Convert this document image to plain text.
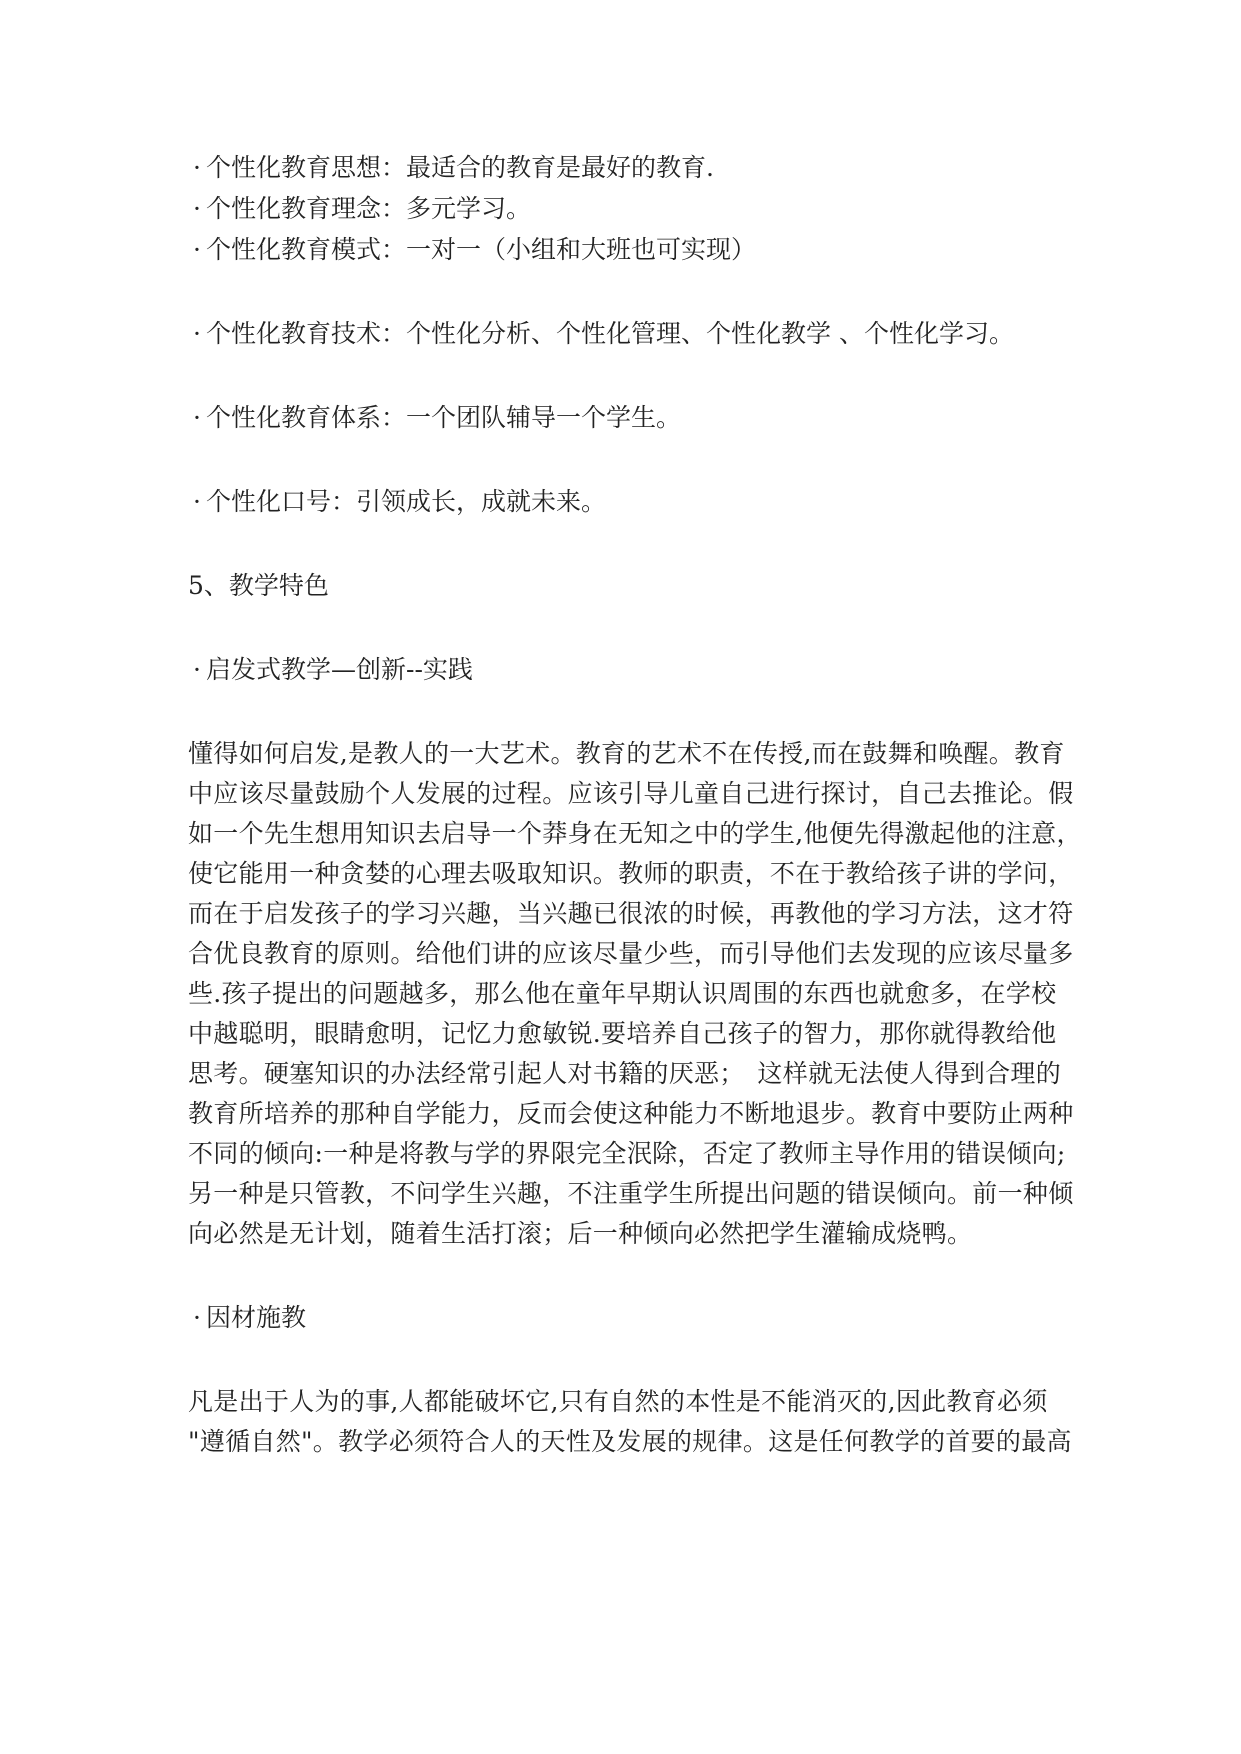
· 个性化教育思想：最适合的教育是最好的教育.
· 个性化教育理念：多元学习。
· 个性化教育模式：一对一（小组和大班也可实现）
· 个性化教育技术：个性化分析、个性化管理、个性化教学 、个性化学习。
· 个性化教育体系：一个团队辅导一个学生。
· 个性化口号：引领成长，成就未来。
5、教学特色
· 启发式教学—创新--实践

懂得如何启发,是教人的一大艺术。教育的艺术不在传授,而在鼓舞和唤醒。教育

中应该尽量鼓励个人发展的过程。应该引导儿童自己进行探讨，自己去推论。假

如一个先生想用知识去启导一个莽身在无知之中的学生,他便先得激起他的注意，

使它能用一种贪婪的心理去吸取知识。教师的职责，不在于教给孩子讲的学问，

而在于启发孩子的学习兴趣，当兴趣已很浓的时候，再教他的学习方法，这才符

合优良教育的原则。给他们讲的应该尽量少些，而引导他们去发现的应该尽量多

些.孩子提出的问题越多，那么他在童年早期认识周围的东西也就愈多，在学校

中越聪明，眼睛愈明，记忆力愈敏锐.要培养自己孩子的智力，那你就得教给他

思考。硬塞知识的办法经常引起人对书籍的厌恶；　这样就无法使人得到合理的

教育所培养的那种自学能力，反而会使这种能力不断地退步。教育中要防止两种

不同的倾向:一种是将教与学的界限完全泯除，否定了教师主导作用的错误倾向;

另一种是只管教，不问学生兴趣，不注重学生所提出问题的错误倾向。前一种倾

向必然是无计划，随着生活打滚；后一种倾向必然把学生灌输成烧鸭。

· 因材施教

凡是出于人为的事,人都能破坏它,只有自然的本性是不能消灭的,因此教育必须

"遵循自然"。教学必须符合人的天性及发展的规律。这是任何教学的首要的最高
